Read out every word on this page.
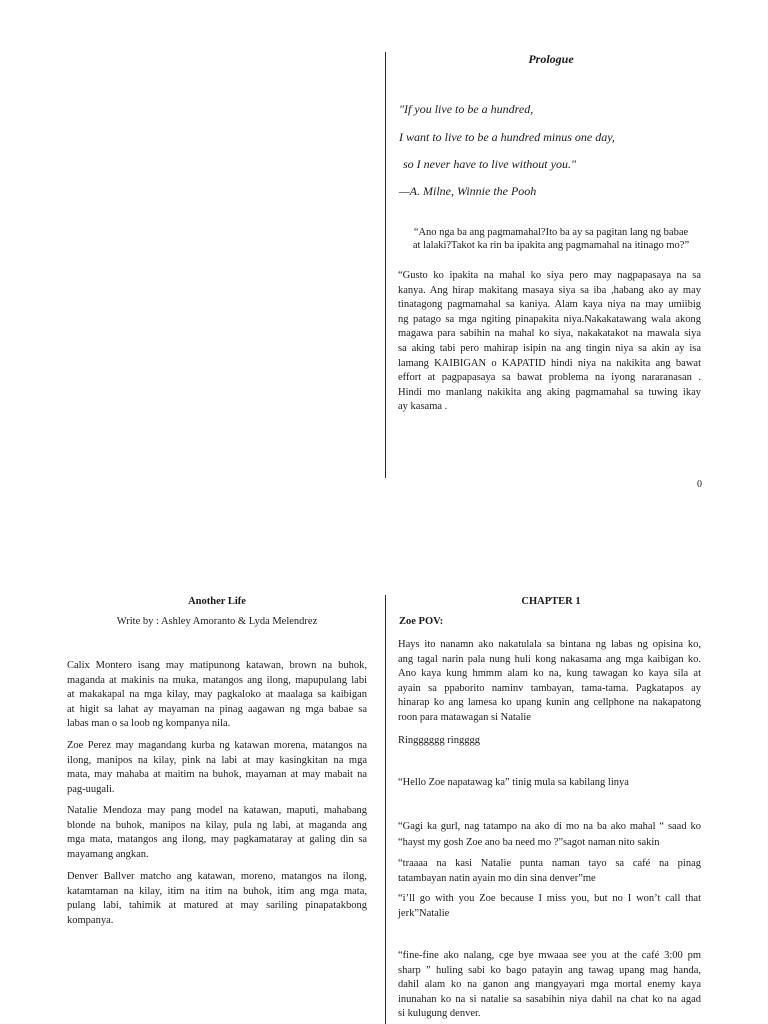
Prologue
"If you live to be a hundred,
I want to live to be a hundred minus one day,
so I never have to live without you."
—A. Milne, Winnie the Pooh
“Ano nga ba ang pagmamahal?Ito ba ay sa pagitan lang ng babae
at lalaki?Takot ka rin ba ipakita ang pagmamahal na itinago mo?”
“Gusto ko ipakita na mahal ko siya pero may nagpapasaya na sa
kanya. Ang hirap makitang masaya siya sa iba ,habang ako ay may
tinatagong pagmamahal sa kaniya. Alam kaya niya na may umiibig
ng patago sa mga ngiting pinapakita niya.Nakakatawang wala akong
magawa para sabihin na mahal ko siya, nakakatakot na mawala siya
sa aking tabi pero mahirap isipin na ang tingin niya sa akin ay isa
lamang KAIBIGAN o KAPATID hindi niya na nakikita ang bawat
effort at pagpapasaya sa bawat problema na iyong nararanasan .
Hindi mo manlang nakikita ang aking pagmamahal sa tuwing ikay
ay kasama .
0
Another Life
Write by : Ashley Amoranto & Lyda Melendrez
Calix Montero isang may matipunong katawan, brown na buhok,
maganda at makinis na muka, matangos ang ilong, mapupulang labi
at makakapal na mga kilay, may pagkaloko at maalaga sa kaibigan
at higit sa lahat ay mayaman na pinag aagawan ng mga babae sa
labas man o sa loob ng kompanya nila.
Zoe Perez may magandang kurba ng katawan morena, matangos na
ilong, manipos na kilay, pink na labi at may kasingkitan na mga
mata, may mahaba at maitim na buhok, mayaman at may mabait na
pag-uugali.
Natalie Mendoza may pang model na katawan, maputi, mahabang
blonde na buhok, manipos na kilay, pula ng labi, at maganda ang
mga mata, matangos ang ilong, may pagkamataray at galing din sa
mayamang angkan.
Denver Ballver matcho ang katawan, moreno, matangos na ilong,
katamtaman na kilay, itim na itim na buhok, itim ang mga mata,
pulang labi, tahimik at matured at may sariling pinapatakbong
kompanya.
CHAPTER 1
Zoe POV:
Hays ito nanamn ako nakatulala sa bintana ng labas ng opisina ko,
ang tagal narin pala nung huli kong nakasama ang mga kaibigan ko.
Ano kaya kung hmmm alam ko na, kung tawagan ko kaya sila at
ayain sa ppaborito naminv tambayan, tama-tama. Pagkatapos ay
hinarap ko ang lamesa ko upang kunin ang cellphone na nakapatong
roon para matawagan si Natalie
Ringggggg ringggg
“Hello Zoe napatawag ka” tinig mula sa kabilang linya
“Gagi ka gurl, nag tatampo na ako di mo na ba ako mahal “ saad ko
“hayst my gosh Zoe ano ba need mo ?”sagot naman nito sakin
“traaaa na kasi Natalie punta naman tayo sa café na pinag
tatambayan natin ayain mo din sina denver”me
“i’ll go with you Zoe because I miss you, but no I won’t call that
jerk”Natalie
“fine-fine ako nalang, cge bye mwaaa see you at the café 3:00 pm
sharp ” huling sabi ko bago patayin ang tawag upang mag handa,
dahil alam ko na ganon ang mangyayari mga mortal enemy kaya
inunahan ko na si natalie sa sasabihin niya dahil na chat ko na agad
si kulugung denver.
